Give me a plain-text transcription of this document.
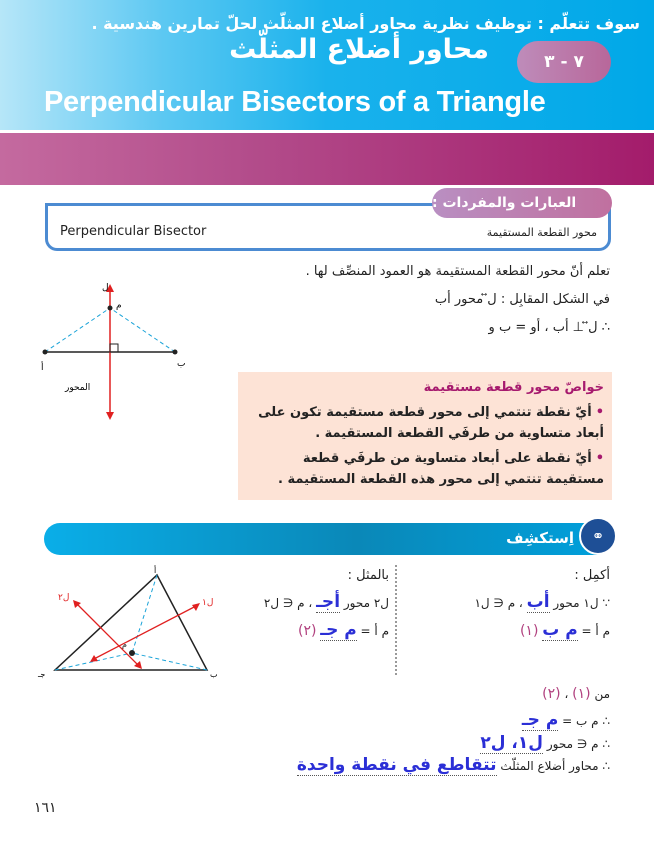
محاور أضلاع المثلّث	٧ - ٣
Perpendicular Bisectors of a Triangle
سوف تتعلّم : توظيف نظرية محاور أضلاع المثلّث لحلّ تمارين هندسية .
العبارات والمفردات :
Perpendicular Bisector	محور القطعة المستقيمة
تعلم أنّ محور القطعة المستقيمة هو العمود المنصِّف لها .
في الشكل المقابِل : ل⃡ محور أب
∴ ل⃡ ⊥ أب ، أو = ب و
ل
م
أ	ب
المحور	خواصّ محور قطعة مستقيمة

• أيّ نقطة تنتمي إلى محور قطعة مستقيمة تكون على أبعاد متساوية من طرفَي القطعة المستقيمة .

• أيّ نقطة على أبعاد متساوية من طرفَي قطعة مستقيمة تنتمي إلى محور هذه القطعة المستقيمة .

اِستكشِف	⚭
أكمِل :
∵ ل١ محور أب ، م ∈ ل١
م أ = م ب (١)
بالمثل :
ل٢ محور أجـ ، م ∈ ل٢
م أ = م جـ (٢)
أ
ب
جـ
م
ل١
ل٢
من (١) ، (٢)
∴ م ب = م جـ
∴ م ∈ محور ل١، ل٢
∴ محاور أضلاع المثلّث تتقاطع في نقطة واحدة
١٦١
